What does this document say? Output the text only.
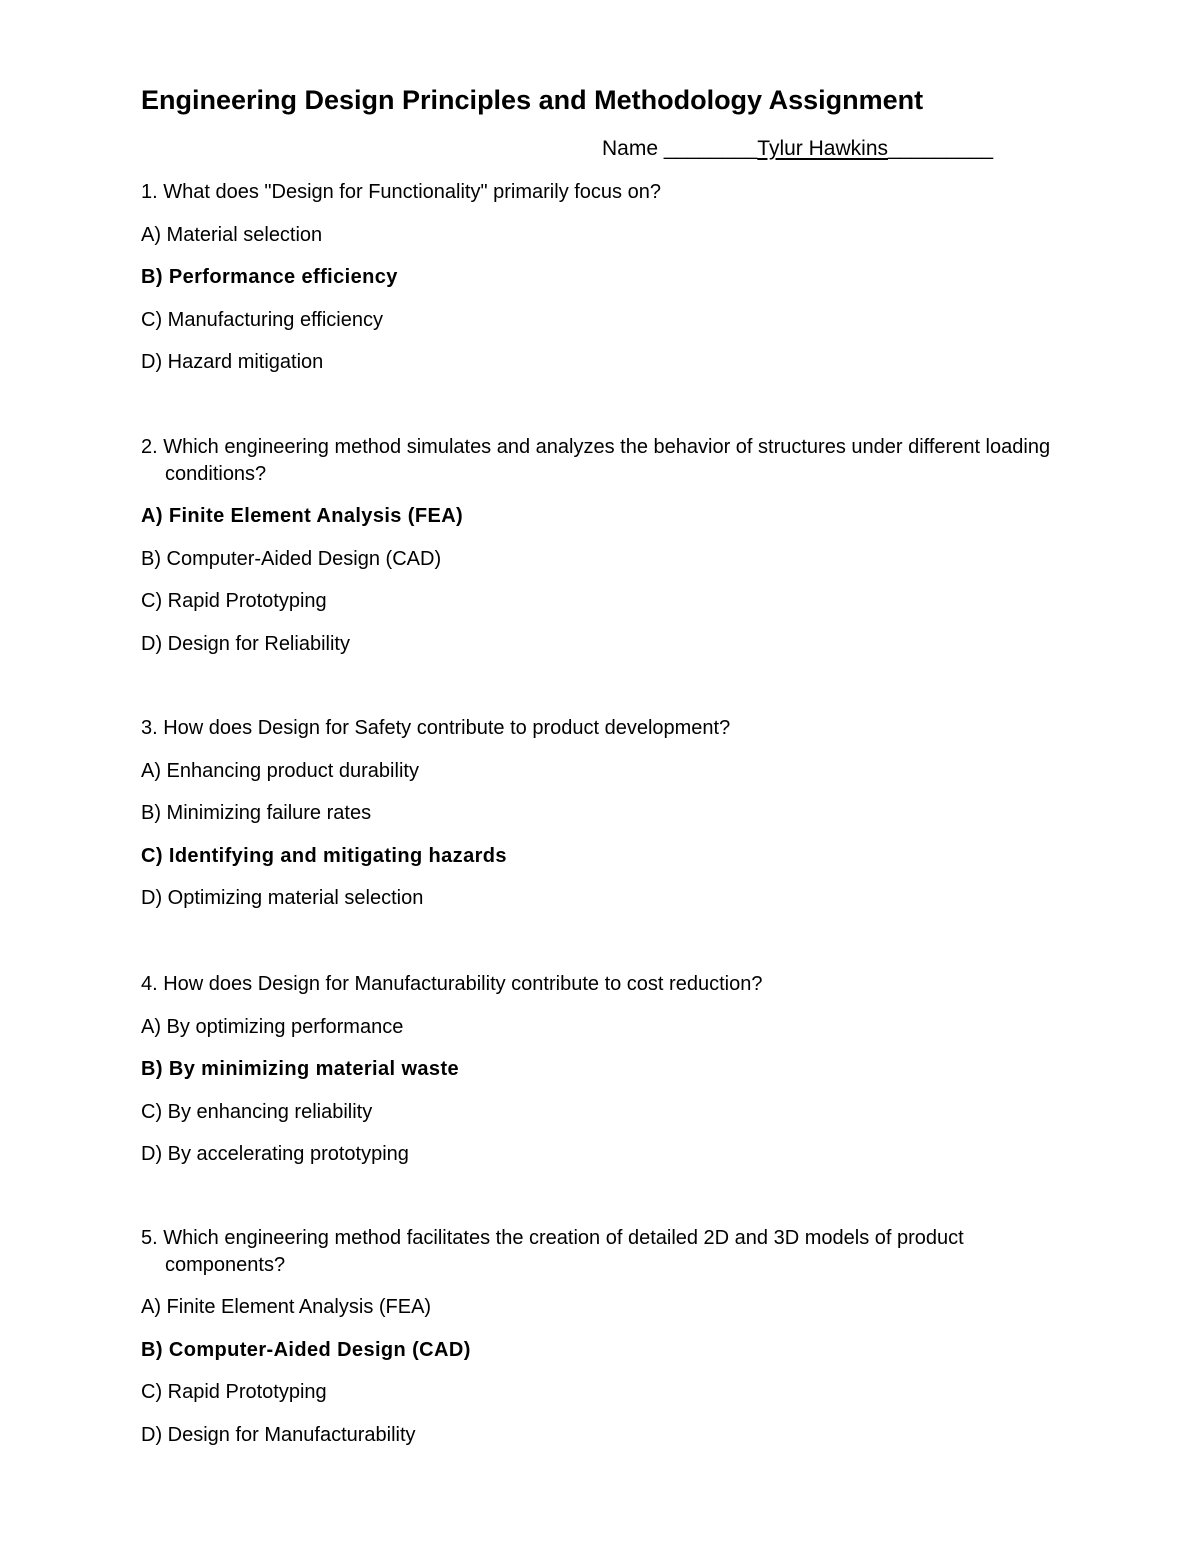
Engineering Design Principles and Methodology Assignment
Name ________Tylur Hawkins_________

1. What does "Design for Functionality" primarily focus on?

A) Material selection

B) Performance efficiency

C) Manufacturing efficiency

D) Hazard mitigation

2. Which engineering method simulates and analyzes the behavior of structures under different loading conditions?

A) Finite Element Analysis (FEA)

B) Computer-Aided Design (CAD)

C) Rapid Prototyping

D) Design for Reliability

3. How does Design for Safety contribute to product development?

A) Enhancing product durability

B) Minimizing failure rates

C) Identifying and mitigating hazards

D) Optimizing material selection

4. How does Design for Manufacturability contribute to cost reduction?

A) By optimizing performance

B) By minimizing material waste

C) By enhancing reliability

D) By accelerating prototyping

5. Which engineering method facilitates the creation of detailed 2D and 3D models of product components?

A) Finite Element Analysis (FEA)

B) Computer-Aided Design (CAD)

C) Rapid Prototyping

D) Design for Manufacturability
